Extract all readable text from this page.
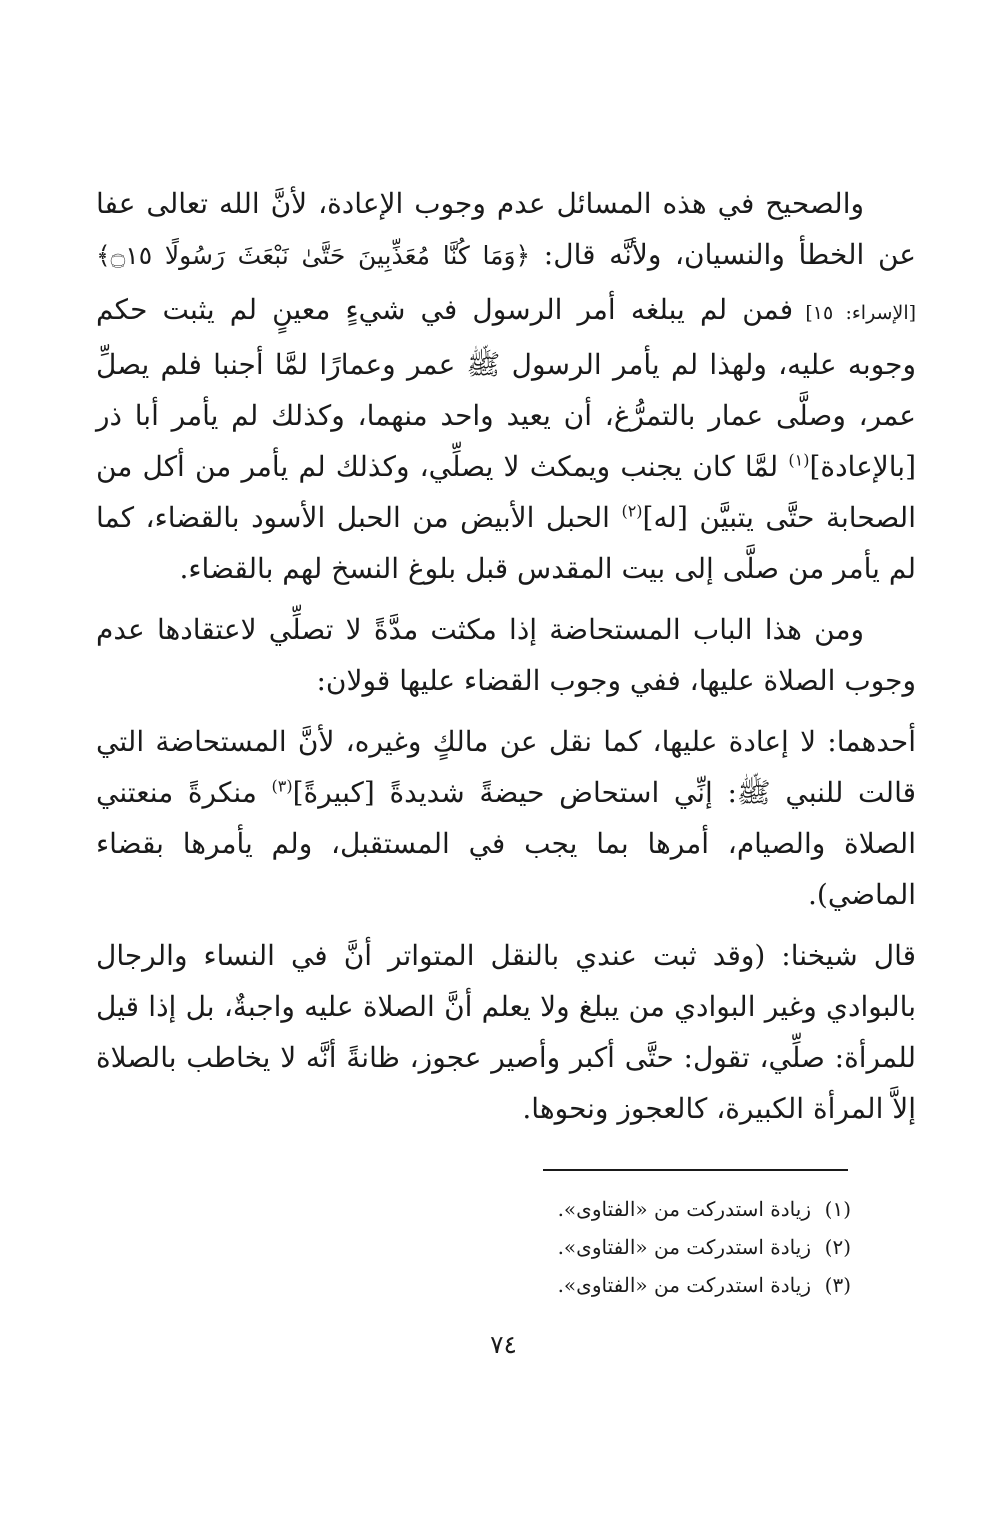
والصحيح في هذه المسائل عدم وجوب الإعادة، لأنَّ الله تعالى عفا عن الخطأ والنسيان، ولأنَّه قال: ﴿وَمَا كُنَّا مُعَذِّبِينَ حَتَّىٰ نَبْعَثَ رَسُولًا ۝١٥﴾ [الإسراء: ١٥] فمن لم يبلغه أمر الرسول في شيءٍ معينٍ لم يثبت حكم وجوبه عليه، ولهذا لم يأمر الرسول ﷺ عمر وعمارًا لمَّا أجنبا فلم يصلِّ عمر، وصلَّى عمار بالتمرُّغ، أن يعيد واحد منهما، وكذلك لم يأمر أبا ذر [بالإعادة]$^{(١)}$ لمَّا كان يجنب ويمكث لا يصلِّي، وكذلك لم يأمر من أكل من الصحابة حتَّى يتبيَّن [له]$^{(٢)}$ الحبل الأبيض من الحبل الأسود بالقضاء، كما لم يأمر من صلَّى إلى بيت المقدس قبل بلوغ النسخ لهم بالقضاء.

ومن هذا الباب المستحاضة إذا مكثت مدَّةً لا تصلِّي لاعتقادها عدم وجوب الصلاة عليها، ففي وجوب القضاء عليها قولان:

أحدهما: لا إعادة عليها، كما نقل عن مالكٍ وغيره، لأنَّ المستحاضة التي قالت للنبي ﷺ: إنِّي استحاض حيضةً شديدةً [كبيرةً]$^{(٣)}$ منكرةً منعتني الصلاة والصيام، أمرها بما يجب في المستقبل، ولم يأمرها بقضاء الماضي).

قال شيخنا: (وقد ثبت عندي بالنقل المتواتر أنَّ في النساء والرجال بالبوادي وغير البوادي من يبلغ ولا يعلم أنَّ الصلاة عليه واجبةٌ، بل إذا قيل للمرأة: صلِّي، تقول: حتَّى أكبر وأصير عجوز، ظانةً أنَّه لا يخاطب بالصلاة إلاَّ المرأة الكبيرة، كالعجوز ونحوها.

(١)زيادة استدركت من «الفتاوى».

(٢)زيادة استدركت من «الفتاوى».

(٣)زيادة استدركت من «الفتاوى».

٧٤
